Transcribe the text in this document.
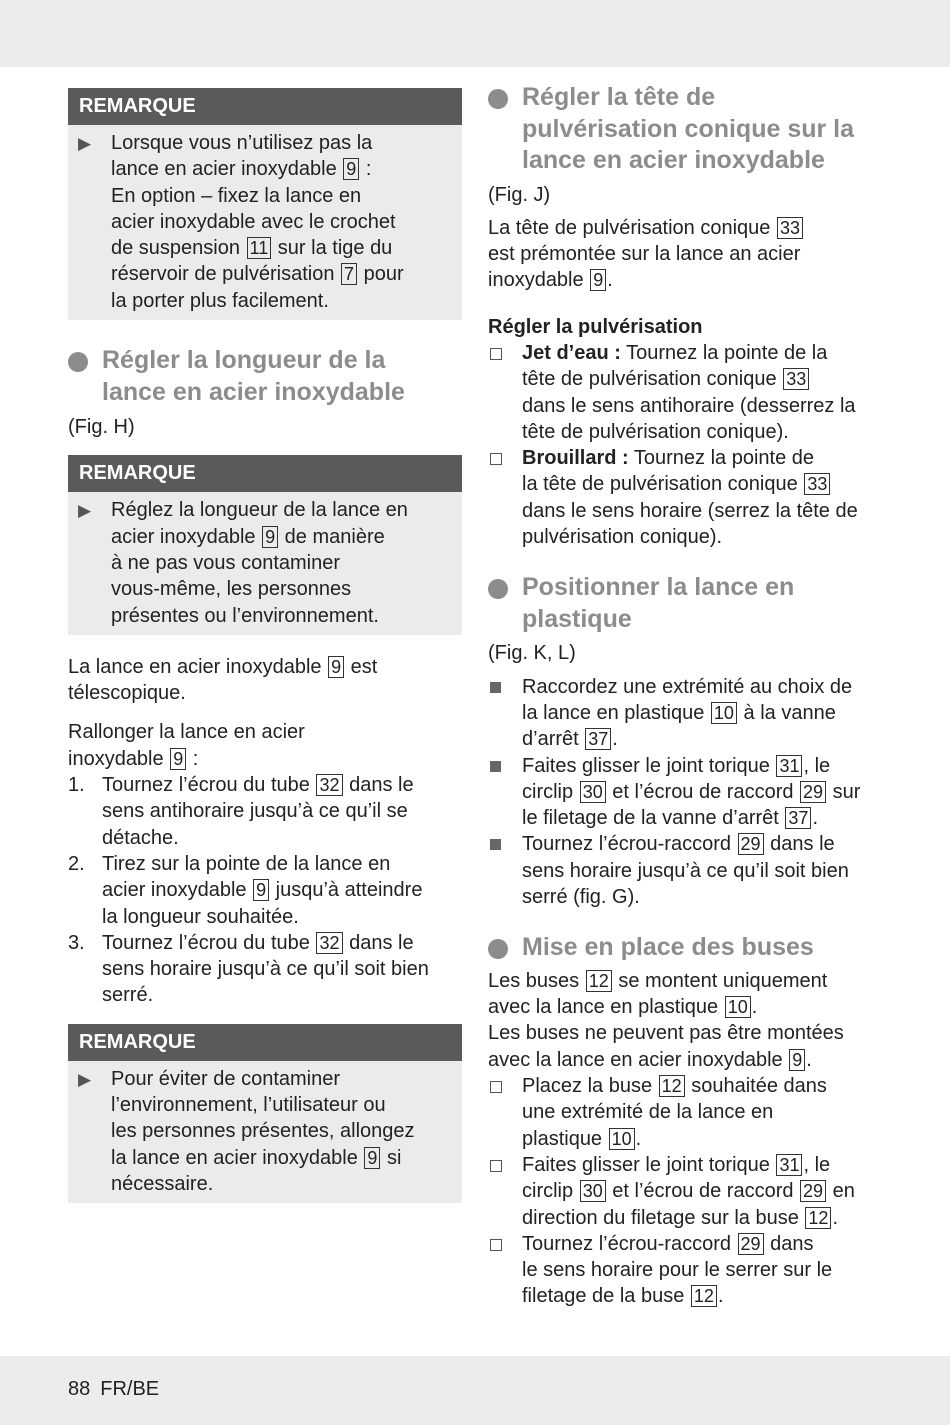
REMARQUE
▶ Lorsque vous n’utilisez pas la
lance en acier inoxydable 9 :
En option – fixez la lance en
acier inoxydable avec le crochet
de suspension 11 sur la tige du
réservoir de pulvérisation 7 pour
la porter plus facilement.
Régler la longueur de la
lance en acier inoxydable

(Fig. H)

REMARQUE
▶ Réglez la longueur de la lance en
acier inoxydable 9 de manière
à ne pas vous contaminer
vous-même, les personnes
présentes ou l’environnement.
La lance en acier inoxydable 9 est
télescopique.
Rallonger la lance en acier
inoxydable 9 :
1. Tournez l’écrou du tube 32 dans le
sens antihoraire jusqu’à ce qu’il se
détache.
2. Tirez sur la pointe de la lance en
acier inoxydable 9 jusqu’à atteindre
la longueur souhaitée.
3. Tournez l’écrou du tube 32 dans le
sens horaire jusqu’à ce qu’il soit bien
serré.
REMARQUE
▶ Pour éviter de contaminer
l’environnement, l’utilisateur ou
les personnes présentes, allongez
la lance en acier inoxydable 9 si
nécessaire.
Régler la tête de
pulvérisation conique sur la
lance en acier inoxydable

(Fig. J)

La tête de pulvérisation conique 33
est prémontée sur la lance an acier
inoxydable 9 .

Régler la pulvérisation

Jet d’eau : Tournez la pointe de la
tête de pulvérisation conique 33
dans le sens antihoraire (desserrez la
tête de pulvérisation conique).
Brouillard : Tournez la pointe de
la tête de pulvérisation conique 33
dans le sens horaire (serrez la tête de
pulvérisation conique).
Positionner la lance en
plastique

(Fig. K, L)

Raccordez une extrémité au choix de
la lance en plastique 10 à la vanne
d’arrêt 37 .
Faites glisser le joint torique 31 , le
circlip 30 et l’écrou de raccord 29 sur
le filetage de la vanne d’arrêt 37 .
Tournez l’écrou-raccord 29 dans le
sens horaire jusqu’à ce qu’il soit bien
serré (fig. G).
Mise en place des buses
Les buses 12 se montent uniquement
avec la lance en plastique 10 .
Les buses ne peuvent pas être montées
avec la lance en acier inoxydable 9 .
Placez la buse 12 souhaitée dans
une extrémité de la lance en
plastique 10 .
Faites glisser le joint torique 31 , le
circlip 30 et l’écrou de raccord 29 en
direction du filetage sur la buse 12 .
Tournez l’écrou-raccord 29 dans
le sens horaire pour le serrer sur le
filetage de la buse 12 .
88 FR/BE
